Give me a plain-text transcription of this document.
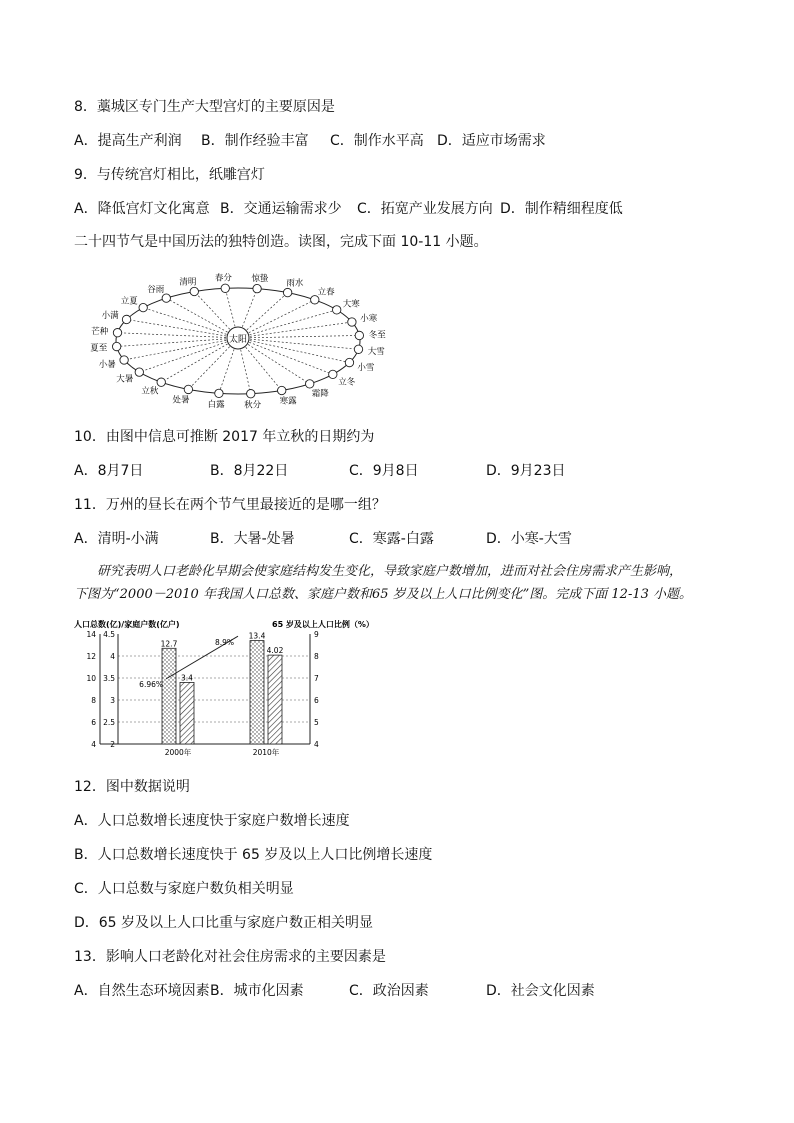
8．藁城区专门生产大型宫灯的主要原因是
A．提高生产利润 B．制作经验丰富 C．制作水平高 D．适应市场需求
9．与传统宫灯相比，纸雕宫灯
A．降低宫灯文化寓意 B．交通运输需求少 C．拓宽产业发展方向 D．制作精细程度低
二十四节气是中国历法的独特创造。读图，完成下面 10-11 小题。
太阳
春分 惊蛰 雨水
立春
大寒
小寒
冬至
大雪
小雪
立冬
霜降
寒露
秋分
白露
处暑
立秋
大暑
小暑
夏至
芒种
小满
立夏
谷雨
清明
10．由图中信息可推断 2017 年立秋的日期约为
A．8月7日	B．8月22日	C．9月8日	D．9月23日
11．万州的昼长在两个节气里最接近的是哪一组？
A．清明-小满	B．大暑-处暑	C．寒露-白露	D．小寒-大雪
研究表明人口老龄化早期会使家庭结构发生变化，导致家庭户数增加，进而对社会住房需求产生影响，
下图为“2000－2010 年我国人口总数、家庭户数和65 岁及以上人口比例变化”图。完成下面 12-13 小题。
人口总数(亿)/家庭户数(亿户)	65 岁及以上人口比例（%）
14 4.5	9
12 4	8
10 3.5	7
8 3	6
6 2.5	5
4 2	4
12.7
3.4
13.4
4.02
6.96%
8.9%
2000年	2010年
12．图中数据说明
A．人口总数增长速度快于家庭户数增长速度
B．人口总数增长速度快于 65 岁及以上人口比例增长速度
C．人口总数与家庭户数负相关明显
D．65 岁及以上人口比重与家庭户数正相关明显
13．影响人口老龄化对社会住房需求的主要因素是
A．自然生态环境因素 B．城市化因素	C．政治因素	D．社会文化因素
